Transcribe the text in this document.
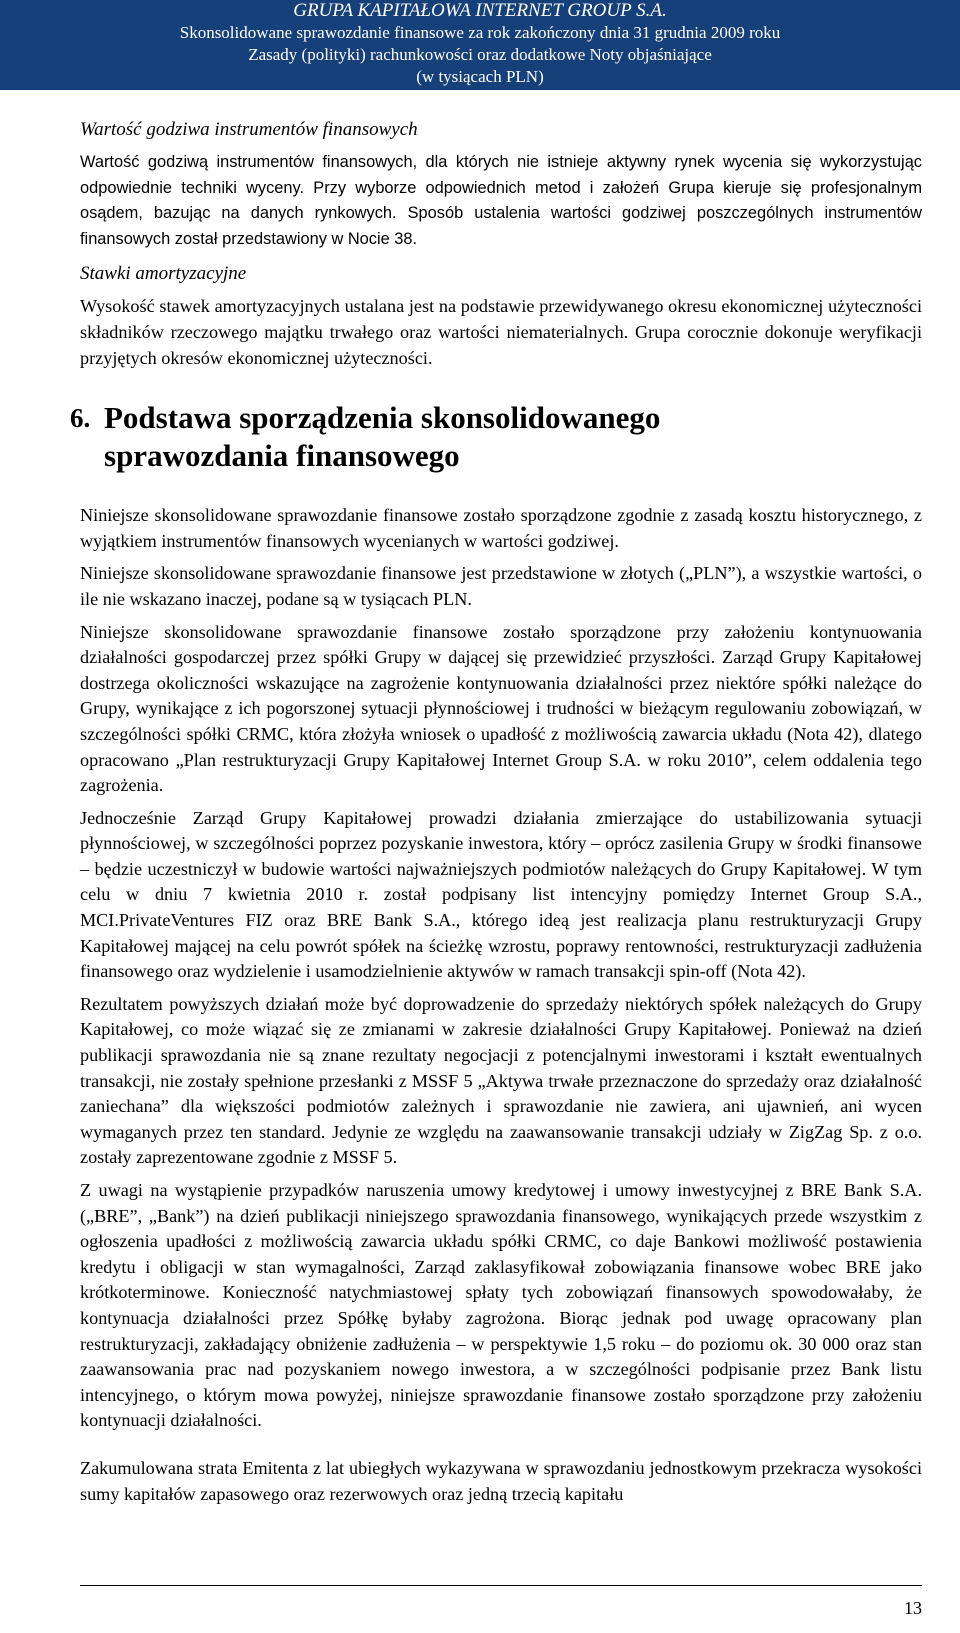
GRUPA KAPITAŁOWA INTERNET GROUP S.A.
Skonsolidowane sprawozdanie finansowe za rok zakończony dnia 31 grudnia 2009 roku
Zasady (polityki) rachunkowości oraz dodatkowe Noty objaśniające
(w tysiącach PLN)
Wartość godziwa instrumentów finansowych

Wartość godziwą instrumentów finansowych, dla których nie istnieje aktywny rynek wycenia się wykorzystując odpowiednie techniki wyceny. Przy wyborze odpowiednich metod i założeń Grupa kieruje się profesjonalnym osądem, bazując na danych rynkowych. Sposób ustalenia wartości godziwej poszczególnych instrumentów finansowych został przedstawiony w Nocie 38.

Stawki amortyzacyjne

Wysokość stawek amortyzacyjnych ustalana jest na podstawie przewidywanego okresu ekonomicznej użyteczności składników rzeczowego majątku trwałego oraz wartości niematerialnych. Grupa corocznie dokonuje weryfikacji przyjętych okresów ekonomicznej użyteczności.

6. Podstawa sporządzenia skonsolidowanego sprawozdania finansowego

Niniejsze skonsolidowane sprawozdanie finansowe zostało sporządzone zgodnie z zasadą kosztu historycznego, z wyjątkiem instrumentów finansowych wycenianych w wartości godziwej.

Niniejsze skonsolidowane sprawozdanie finansowe jest przedstawione w złotych („PLN”), a wszystkie wartości, o ile nie wskazano inaczej, podane są w tysiącach PLN.

Niniejsze skonsolidowane sprawozdanie finansowe zostało sporządzone przy założeniu kontynuowania działalności gospodarczej przez spółki Grupy w dającej się przewidzieć przyszłości. Zarząd Grupy Kapitałowej dostrzega okoliczności wskazujące na zagrożenie kontynuowania działalności przez niektóre spółki należące do Grupy, wynikające z ich pogorszonej sytuacji płynnościowej i trudności w bieżącym regulowaniu zobowiązań, w szczególności spółki CRMC, która złożyła wniosek o upadłość z możliwością zawarcia układu (Nota 42), dlatego opracowano „Plan restrukturyzacji Grupy Kapitałowej Internet Group S.A. w roku 2010”, celem oddalenia tego zagrożenia.

Jednocześnie Zarząd Grupy Kapitałowej prowadzi działania zmierzające do ustabilizowania sytuacji płynnościowej, w szczególności poprzez pozyskanie inwestora, który – oprócz zasilenia Grupy w środki finansowe – będzie uczestniczył w budowie wartości najważniejszych podmiotów należących do Grupy Kapitałowej. W tym celu w dniu 7 kwietnia 2010 r. został podpisany list intencyjny pomiędzy Internet Group S.A., MCI.PrivateVentures FIZ oraz BRE Bank S.A., którego ideą jest realizacja planu restrukturyzacji Grupy Kapitałowej mającej na celu powrót spółek na ścieżkę wzrostu, poprawy rentowności, restrukturyzacji zadłużenia finansowego oraz wydzielenie i usamodzielnienie aktywów w ramach transakcji spin-off (Nota 42).

Rezultatem powyższych działań może być doprowadzenie do sprzedaży niektórych spółek należących do Grupy Kapitałowej, co może wiązać się ze zmianami w zakresie działalności Grupy Kapitałowej. Ponieważ na dzień publikacji sprawozdania nie są znane rezultaty negocjacji z potencjalnymi inwestorami i kształt ewentualnych transakcji, nie zostały spełnione przesłanki z MSSF 5 „Aktywa trwałe przeznaczone do sprzedaży oraz działalność zaniechana” dla większości podmiotów zależnych i sprawozdanie nie zawiera, ani ujawnień, ani wycen wymaganych przez ten standard. Jedynie ze względu na zaawansowanie transakcji udziały w ZigZag Sp. z o.o. zostały zaprezentowane zgodnie z MSSF 5.

Z uwagi na wystąpienie przypadków naruszenia umowy kredytowej i umowy inwestycyjnej z BRE Bank S.A. („BRE”, „Bank”) na dzień publikacji niniejszego sprawozdania finansowego, wynikających przede wszystkim z ogłoszenia upadłości z możliwością zawarcia układu spółki CRMC, co daje Bankowi możliwość postawienia kredytu i obligacji w stan wymagalności, Zarząd zaklasyfikował zobowiązania finansowe wobec BRE jako krótkoterminowe. Konieczność natychmiastowej spłaty tych zobowiązań finansowych spowodowałaby, że kontynuacja działalności przez Spółkę byłaby zagrożona. Biorąc jednak pod uwagę opracowany plan restrukturyzacji, zakładający obniżenie zadłużenia – w perspektywie 1,5 roku – do poziomu ok. 30 000 oraz stan zaawansowania prac nad pozyskaniem nowego inwestora, a w szczególności podpisanie przez Bank listu intencyjnego, o którym mowa powyżej, niniejsze sprawozdanie finansowe zostało sporządzone przy założeniu kontynuacji działalności.

Zakumulowana strata Emitenta z lat ubiegłych wykazywana w sprawozdaniu jednostkowym przekracza wysokości sumy kapitałów zapasowego oraz rezerwowych oraz jedną trzecią kapitału

13
